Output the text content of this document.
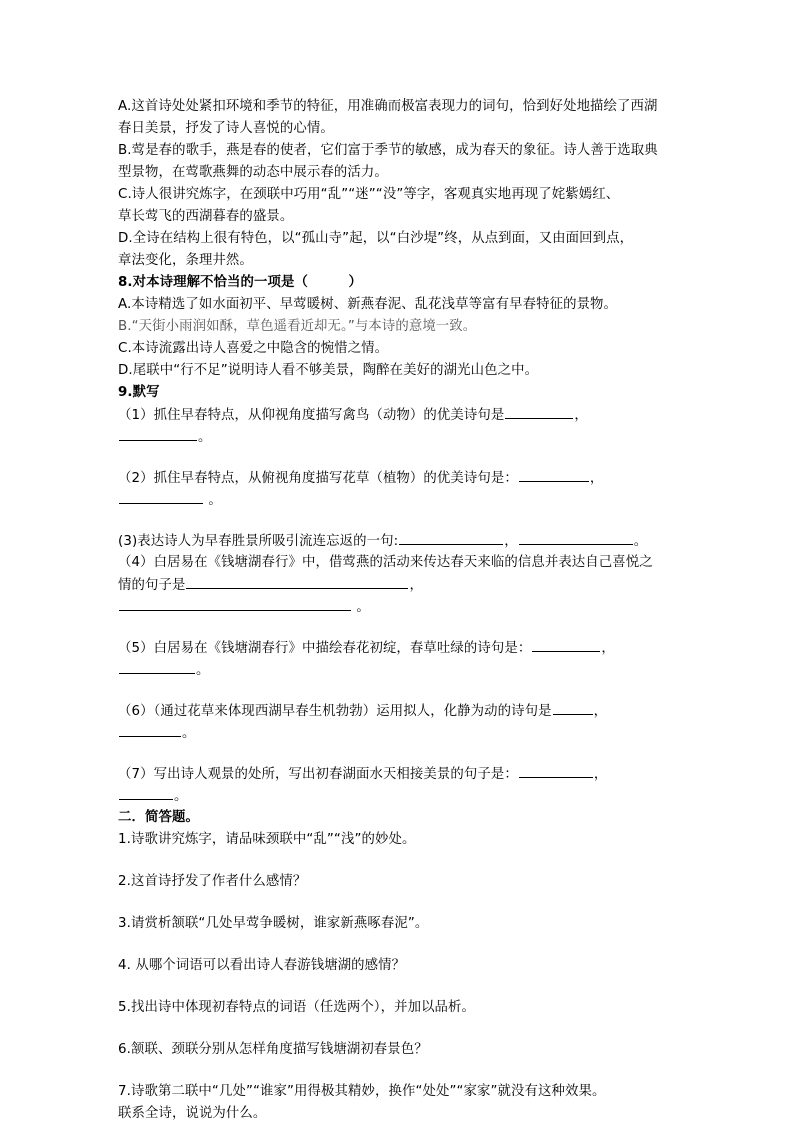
A.这首诗处处紧扣环境和季节的特征，用准确而极富表现力的词句，恰到好处地描绘了西湖
春日美景，抒发了诗人喜悦的心情。
B.莺是春的歌手，燕是春的使者，它们富于季节的敏感，成为春天的象征。诗人善于选取典
型景物，在莺歌燕舞的动态中展示春的活力。
C.诗人很讲究炼字，在颈联中巧用“乱”“迷”“没”等字，客观真实地再现了姹紫嫣红、
草长莺飞的西湖暮春的盛景。
D.全诗在结构上很有特色，以“孤山寺”起，以“白沙堤”终，从点到面，又由面回到点，
章法变化，条理井然。
8.对本诗理解不恰当的一项是（　　　）
A.本诗精选了如水面初平、早莺暖树、新燕春泥、乱花浅草等富有早春特征的景物。
B.“天街小雨润如酥，草色遥看近却无。”与本诗的意境一致。
C.本诗流露出诗人喜爱之中隐含的惋惜之情。
D.尾联中“行不足”说明诗人看不够美景，陶醉在美好的湖光山色之中。
9.默写
（1）抓住早春特点，从仰视角度描写禽鸟（动物）的优美诗句是	，
。
（2）抓住早春特点，从俯视角度描写花草（植物）的优美诗句是：	，
。
(3)表达诗人为早春胜景所吸引流连忘返的一句:	，	。
（4）白居易在《钱塘湖春行》中，借莺燕的活动来传达春天来临的信息并表达自己喜悦之
情的句子是	，
。
（5）白居易在《钱塘湖春行》中描绘春花初绽，春草吐绿的诗句是：	，
。
（6）（通过花草来体现西湖早春生机勃勃）运用拟人，化静为动的诗句是	，
。
（7）写出诗人观景的处所，写出初春湖面水天相接美景的句子是：	，
。
二．简答题。
1.诗歌讲究炼字，请品味颈联中“乱”“浅”的妙处。
2.这首诗抒发了作者什么感情？
3.请赏析颔联“几处早莺争暖树，谁家新燕啄春泥”。
4. 从哪个词语可以看出诗人春游钱塘湖的感情？
5.找出诗中体现初春特点的词语（任选两个），并加以品析。
6.颔联、颈联分别从怎样角度描写钱塘湖初春景色？
7.诗歌第二联中“几处”“谁家”用得极其精妙，换作“处处”“家家”就没有这种效果。
联系全诗，说说为什么。
